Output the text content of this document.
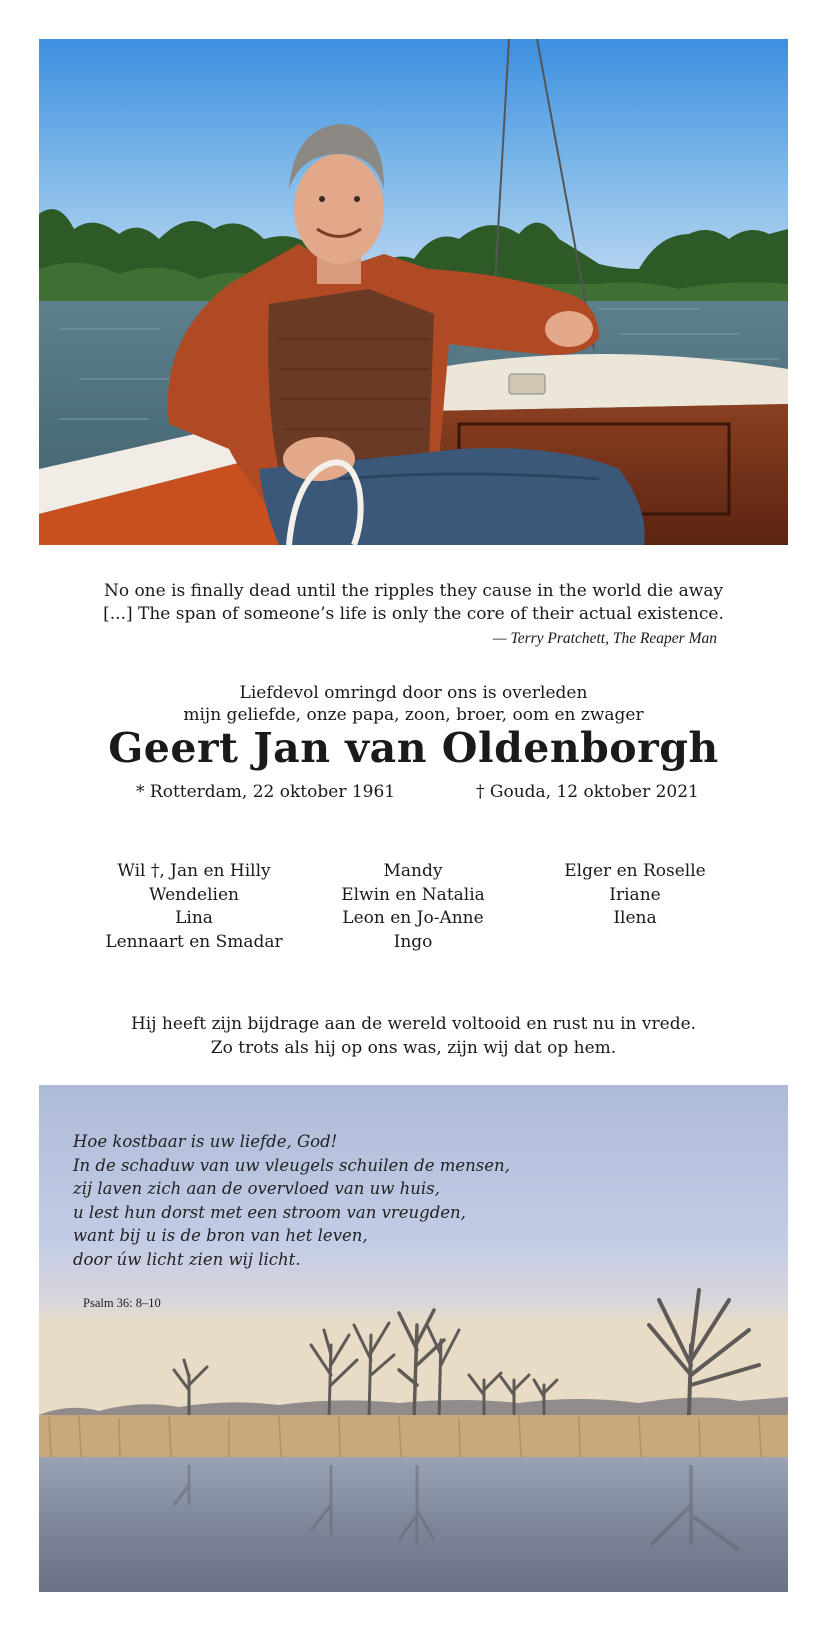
No one is finally dead until the ripples they cause in the world die away
[...] The span of someone’s life is only the core of their actual existence.
— Terry Pratchett, The Reaper Man
Liefdevol omringd door ons is overleden
mijn geliefde, onze papa, zoon, broer, oom en zwager
Geert Jan van Oldenborgh
* Rotterdam, 22 oktober 1961	† Gouda, 12 oktober 2021
Wil †, Jan en Hilly
Wendelien
Lina
Lennaart en Smadar
Mandy
Elwin en Natalia
Leon en Jo-Anne
Ingo
Elger en Roselle
Iriane
Ilena
Hij heeft zijn bijdrage aan de wereld voltooid en rust nu in vrede.
Zo trots als hij op ons was, zijn wij dat op hem.
Hoe kostbaar is uw liefde, God!
In de schaduw van uw vleugels schuilen de mensen,
zij laven zich aan de overvloed van uw huis,
u lest hun dorst met een stroom van vreugden,
want bij u is de bron van het leven,
door úw licht zien wij licht.
Psalm 36: 8–10
